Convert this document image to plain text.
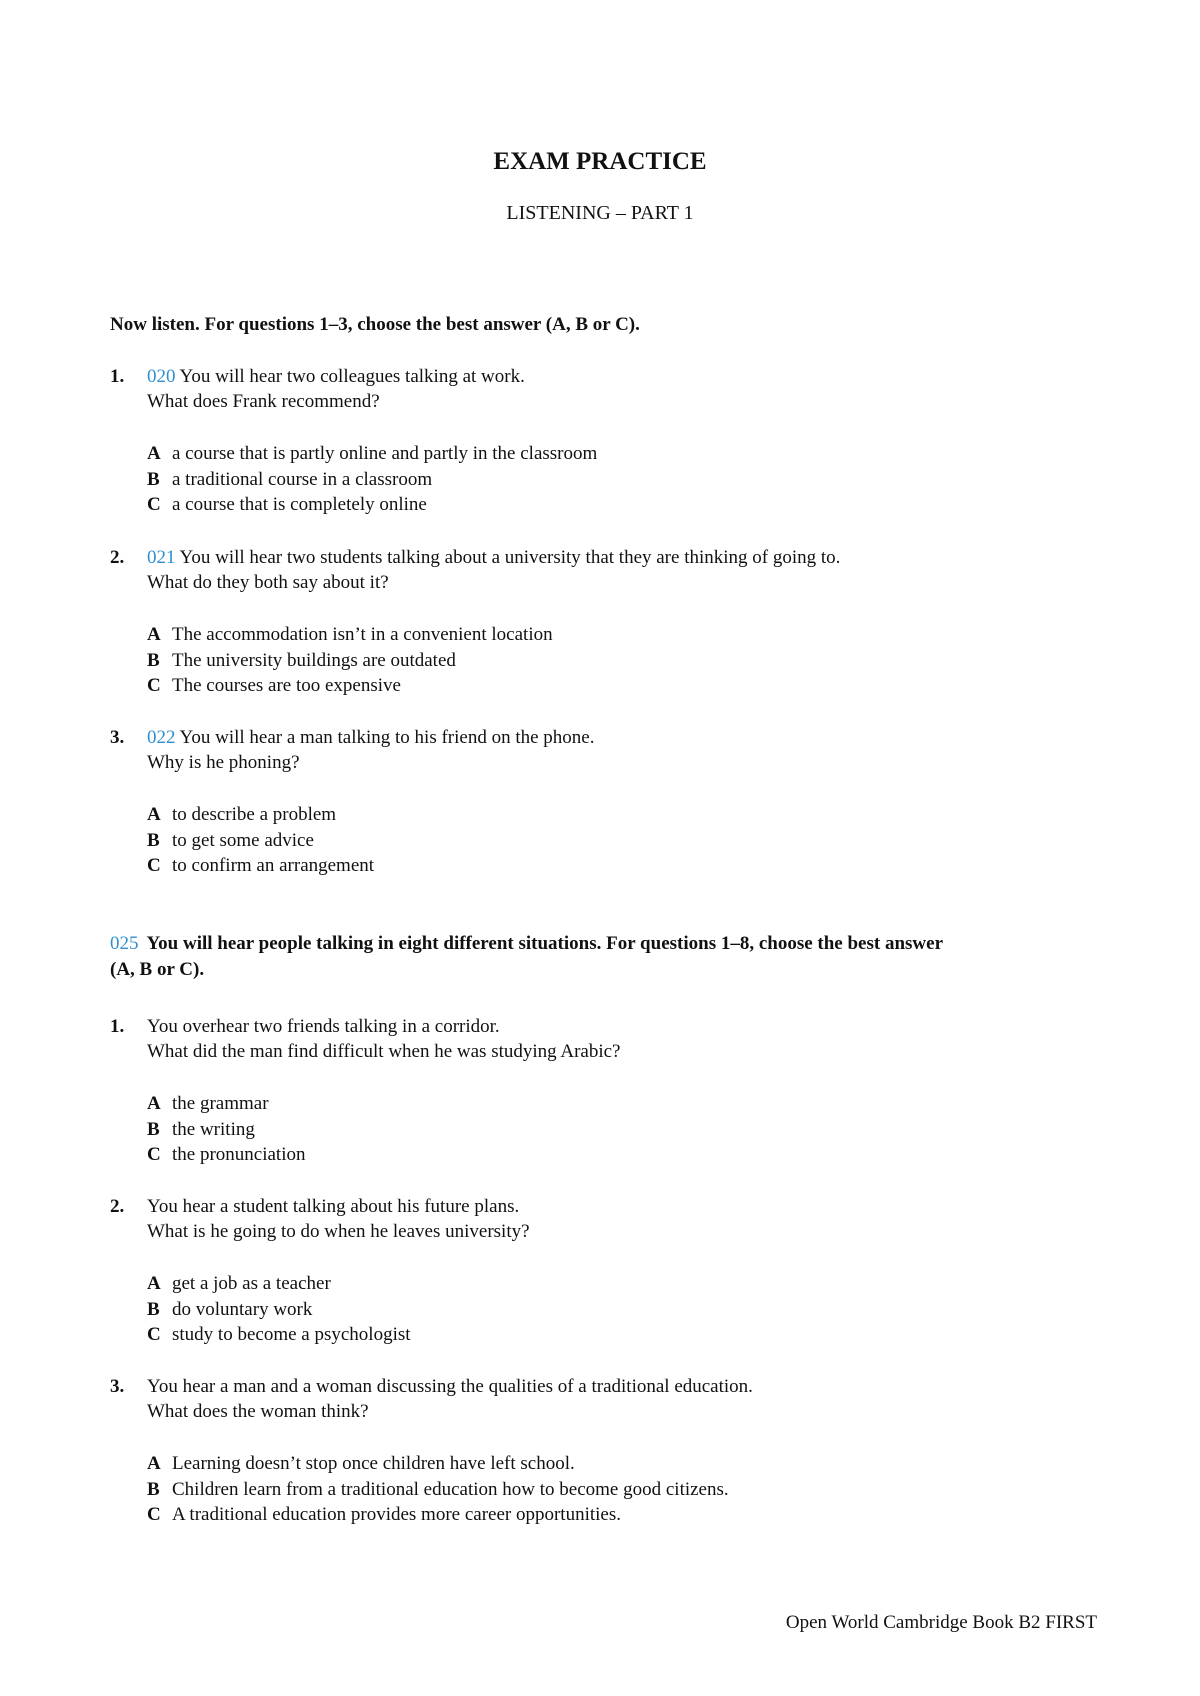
EXAM PRACTICE
LISTENING – PART 1

Now listen. For questions 1–3, choose the best answer (A, B or C).

1.	020 You will hear two colleagues talking at work.
What does Frank recommend?
A a course that is partly online and partly in the classroom
B a traditional course in a classroom
C a course that is completely online
2.	021 You will hear two students talking about a university that they are thinking of going to.
What do they both say about it?
A The accommodation isn’t in a convenient location
B The university buildings are outdated
C The courses are too expensive
3.	022 You will hear a man talking to his friend on the phone.
Why is he phoning?
A to describe a problem
B to get some advice
C to confirm an arrangement

025 You will hear people talking in eight different situations. For questions 1–8, choose the best answer
(A, B or C).

1.	You overhear two friends talking in a corridor.
What did the man find difficult when he was studying Arabic?
A the grammar
B the writing
C the pronunciation
2.	You hear a student talking about his future plans.
What is he going to do when he leaves university?
A get a job as a teacher
B do voluntary work
C study to become a psychologist
3.	You hear a man and a woman discussing the qualities of a traditional education.
What does the woman think?
A Learning doesn’t stop once children have left school.
B Children learn from a traditional education how to become good citizens.
C A traditional education provides more career opportunities.

Open World Cambridge Book B2 FIRST
